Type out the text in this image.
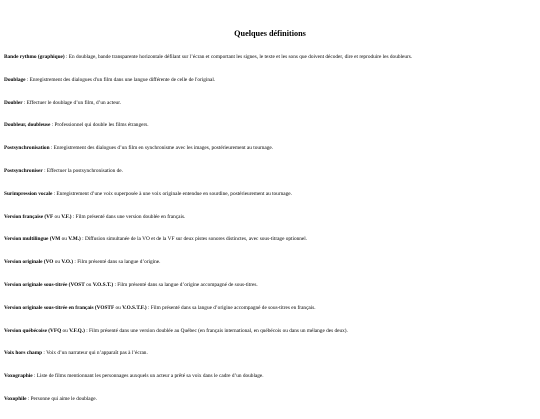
Quelques définitions

Bande rythmo (graphique) : En doublage, bande transparente horizontale défilant sur l’écran et comportant les signes, le texte et les sons que doivent décoder, dire et reproduire les doubleurs.

Doublage : Enregistrement des dialogues d'un film dans une langue différente de celle de l'original.

Doubler : Effectuer le doublage d’un film, d’un acteur.

Doubleur, doubleuse : Professionnel qui double les films étrangers.

Postsynchronisation : Enregistrement des dialogues d’un film en synchronisme avec les images, postérieurement au tournage.

Postsynchroniser : Effectuer la postsynchronisation de.

Surimpression vocale : Enregistrement d’une voix superposée à une voix originale entendue en sourdine, postérieurement au tournage.

Version française (VF ou V.F.) : Film présenté dans une version doublée en français.

Version multilingue (VM ou V.M.) : Diffusion simultanée de la VO et de la VF sur deux pistes sonores distinctes, avec sous-titrage optionnel.

Version originale (VO ou V.O.) : Film présenté dans sa langue d’origine.

Version originale sous-titrée (VOST ou V.O.S.T.) : Film présenté dans sa langue d’origine accompagné de sous-titres.

Version originale sous-titrée en français (VOSTF ou V.O.S.T.F.) : Film présenté dans sa langue d’origine accompagné de sous-titres en français.

Version québécoise (VFQ ou V.F.Q.) : Film présenté dans une version doublée au Québec (en français international, en québécois ou dans un mélange des deux).

Voix hors champ : Voix d’un narrateur qui n’apparaît pas à l’écran.

Voxographie : Liste de films mentionnant les personnages auxquels un acteur a prêté sa voix dans le cadre d’un doublage.

Voxophile : Personne qui aime le doublage.
